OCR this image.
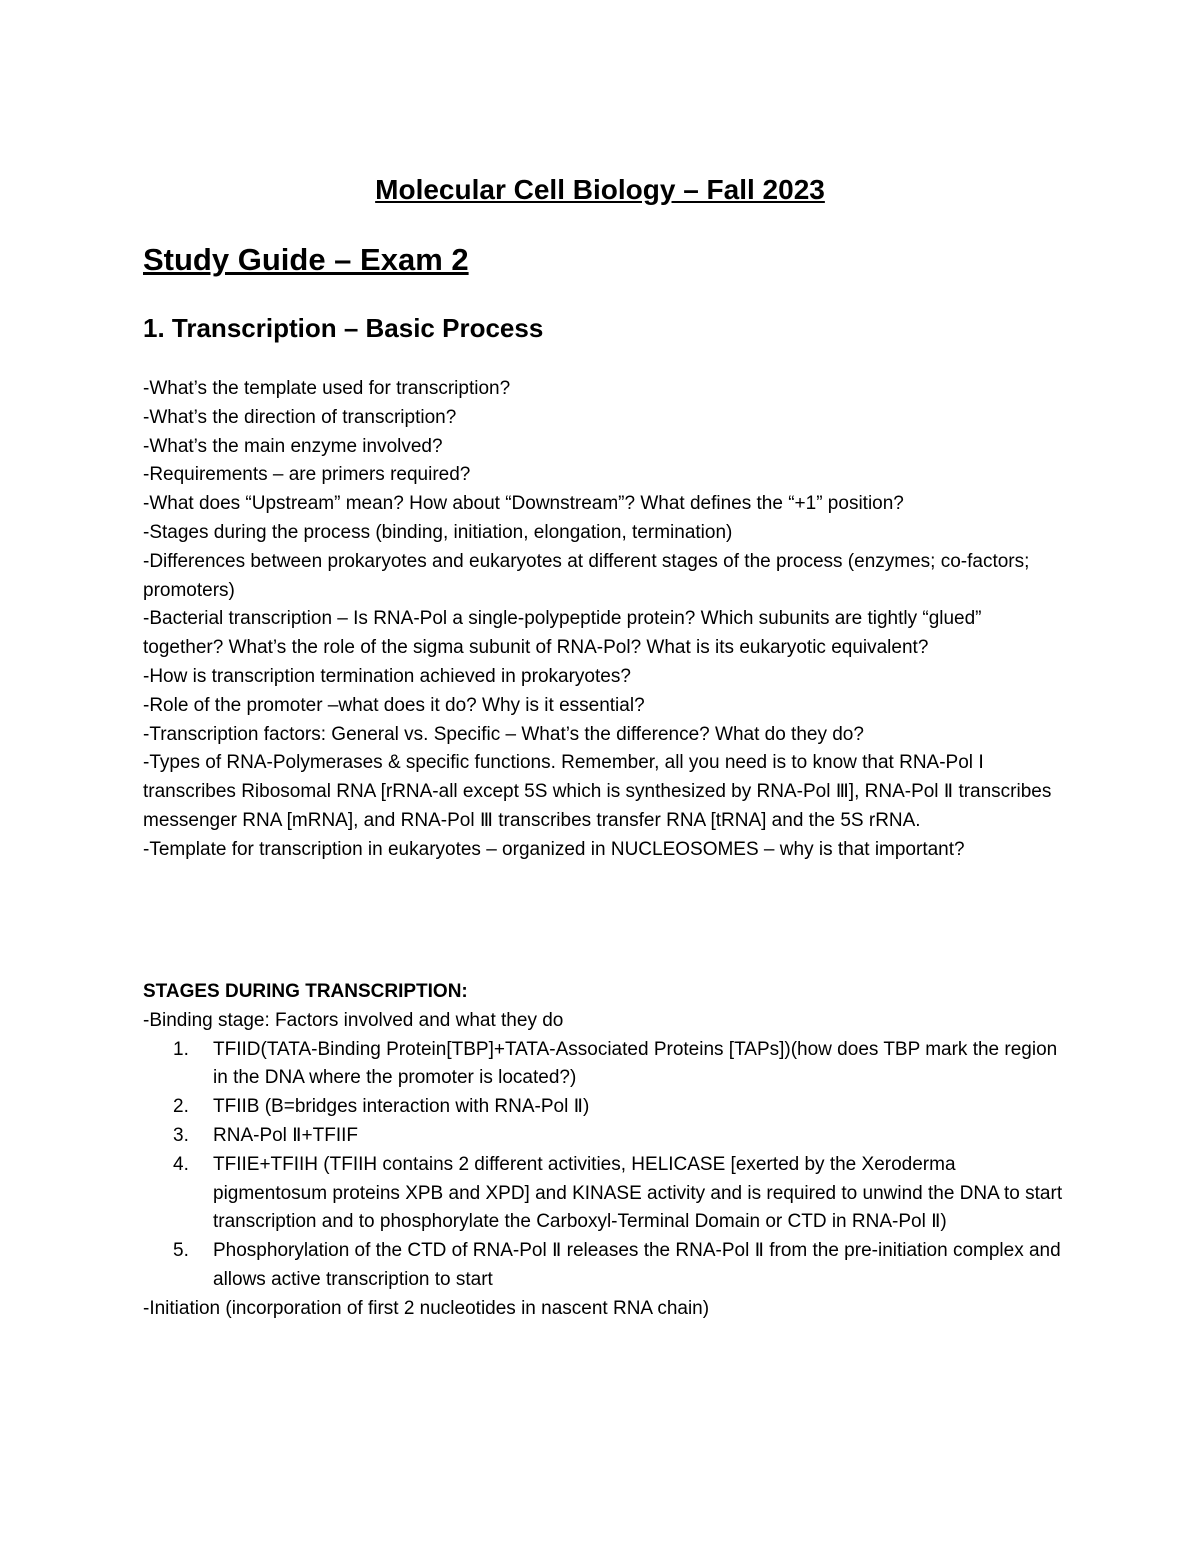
Molecular Cell Biology – Fall 2023
Study Guide – Exam 2
1. Transcription – Basic Process

-What’s the template used for transcription?

-What’s the direction of transcription?

-What’s the main enzyme involved?

-Requirements – are primers required?

-What does “Upstream” mean? How about “Downstream”? What defines the “+1” position?

-Stages during the process (binding, initiation, elongation, termination)

-Differences between prokaryotes and eukaryotes at different stages of the process (enzymes; co-factors; promoters)

-Bacterial transcription – Is RNA-Pol a single-polypeptide protein? Which subunits are tightly “glued” together? What’s the role of the sigma subunit of RNA-Pol? What is its eukaryotic equivalent?

-How is transcription termination achieved in prokaryotes?

-Role of the promoter –what does it do? Why is it essential?

-Transcription factors: General vs. Specific – What’s the difference? What do they do?

-Types of RNA-Polymerases & specific functions. Remember, all you need is to know that RNA-Pol Ⅰ transcribes Ribosomal RNA [rRNA-all except 5S which is synthesized by RNA-Pol Ⅲ], RNA-Pol Ⅱ transcribes messenger RNA [mRNA], and RNA-Pol Ⅲ transcribes transfer RNA [tRNA] and the 5S rRNA.

-Template for transcription in eukaryotes – organized in NUCLEOSOMES – why is that important?

STAGES DURING TRANSCRIPTION:

-Binding stage: Factors involved and what they do

1.	TFIID(TATA-Binding Protein[TBP]+TATA-Associated Proteins [TAPs])(how does TBP mark the region in the DNA where the promoter is located?)
2.	TFIIB (B=bridges interaction with RNA-Pol Ⅱ)
3.	RNA-Pol Ⅱ+TFIIF
4.	TFIIE+TFIIH (TFIIH contains 2 different activities, HELICASE [exerted by the Xeroderma pigmentosum proteins XPB and XPD] and KINASE activity and is required to unwind the DNA to start transcription and to phosphorylate the Carboxyl-Terminal Domain or CTD in RNA-Pol Ⅱ)
5.	Phosphorylation of the CTD of RNA-Pol Ⅱ releases the RNA-Pol Ⅱ from the pre-initiation complex and allows active transcription to start

-Initiation (incorporation of first 2 nucleotides in nascent RNA chain)
